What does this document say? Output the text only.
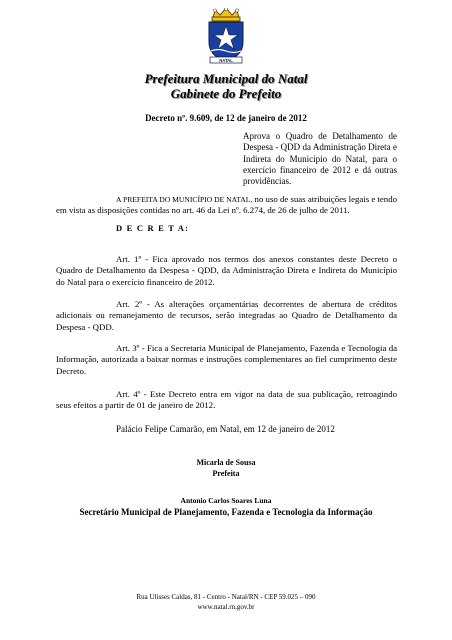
NATAL
Prefeitura Municipal do Natal
Gabinete do Prefeito
Decreto nº. 9.609, de 12 de janeiro de 2012
Aprova o Quadro de Detalhamento de Despesa - QDD da Administração Direta e Indireta do Município do Natal, para o exercício financeiro de 2012 e dá outras providências.
A PREFEITA DO MUNICÍPIO DE NATAL, no uso de suas atribuições legais e tendo em vista as disposições contidas no art. 46 da Lei nº. 6.274, de 26 de julho de 2011.
D E C R E T A:
Art. 1º - Fica aprovado nos termos dos anexos constantes deste Decreto o Quadro de Detalhamento da Despesa - QDD, da Administração Direta e Indireta do Município do Natal para o exercício financeiro de 2012.
Art. 2º - As alterações orçamentárias decorrentes de abertura de créditos adicionais ou remanejamento de recursos, serão integradas ao Quadro de Detalhamento da Despesa - QDD.
Art. 3º - Fica a Secretaria Municipal de Planejamento, Fazenda e Tecnologia da Informação, autorizada a baixar normas e instruções complementares ao fiel cumprimento deste Decreto.
Art. 4º - Este Decreto entra em vigor na data de sua publicação, retroagindo seus efeitos a partir de 01 de janeiro de 2012.
Palácio Felipe Camarão, em Natal, em 12 de janeiro de 2012
Micarla de Sousa
Prefeita
Antonio Carlos Soares Luna
Secretário Municipal de Planejamento, Fazenda e Tecnologia da Informação
Rua Ulisses Caldas, 81 - Centro - Natal/RN - CEP 59.025 – 090
www.natal.rn.gov.br
